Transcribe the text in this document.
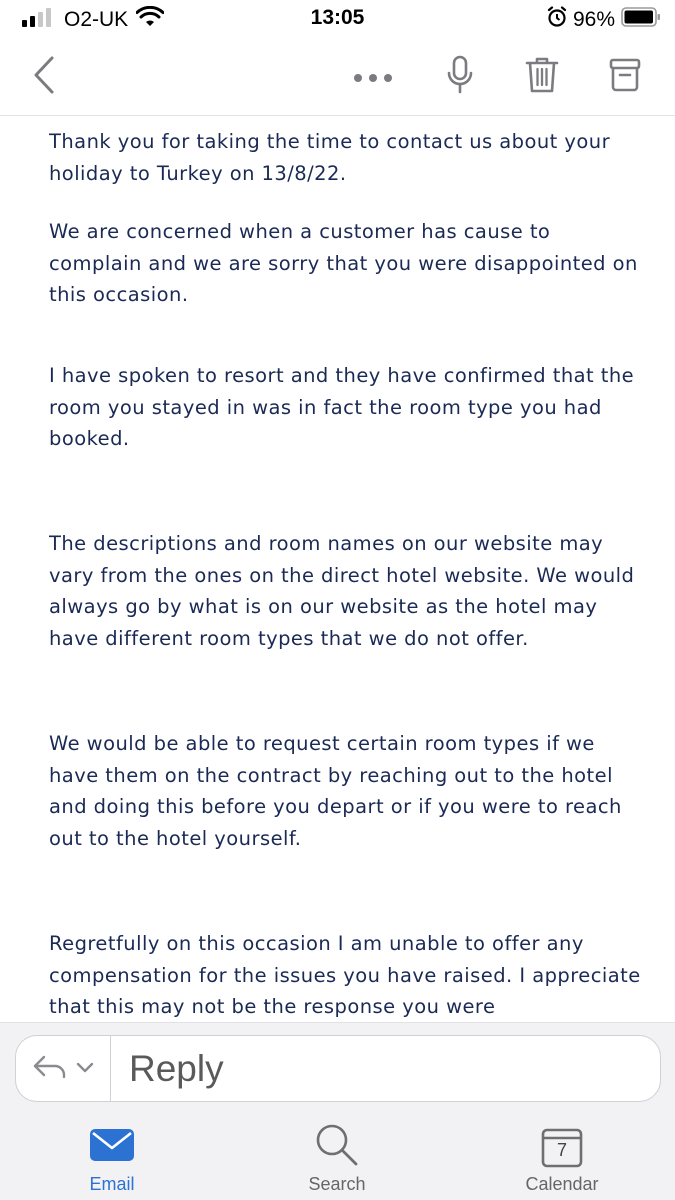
O2-UK	13:05	96%

Thank you for taking the time to contact us about your holiday to Turkey on 13/8/22.

We are concerned when a customer has cause to complain and we are sorry that you were disappointed on this occasion.

I have spoken to resort and they have confirmed that the room you stayed in was in fact the room type you had booked.

The descriptions and room names on our website may vary from the ones on the direct hotel website. We would always go by what is on our website as the hotel may have different room types that we do not offer.

We would be able to request certain room types if we have them on the contract by reaching out to the hotel and doing this before you depart or if you were to reach out to the hotel yourself.

Regretfully on this occasion I am unable to offer any compensation for the issues you have raised. I appreciate that this may not be the response you were

Reply
Email	Search
7
Calendar
